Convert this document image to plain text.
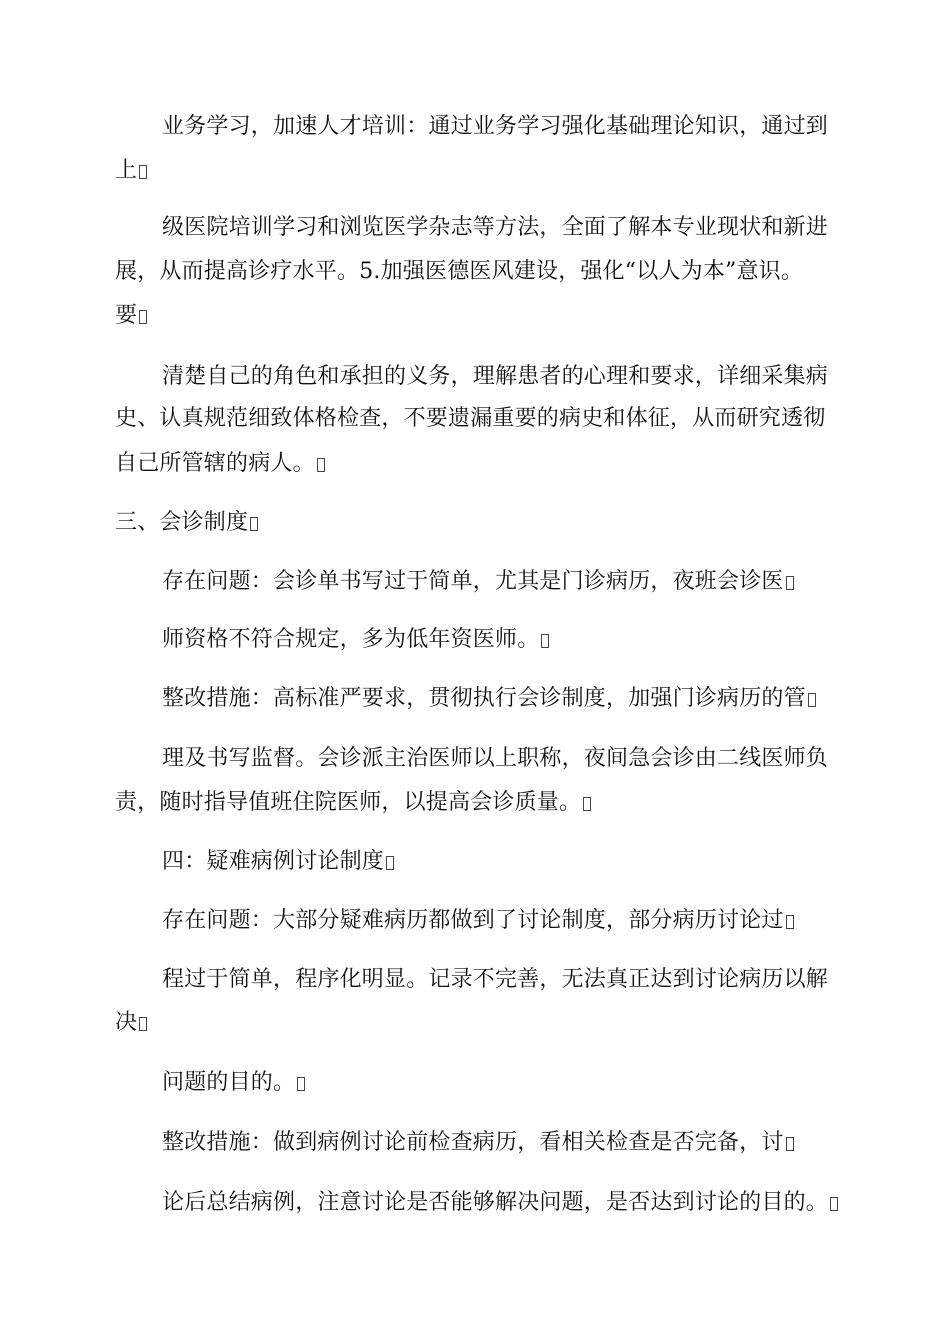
业务学习，加速人才培训：通过业务学习强化基础理论知识，通过到
上
级医院培训学习和浏览医学杂志等方法，全面了解本专业现状和新进
展，从而提高诊疗水平。5.加强医德医风建设，强化“以人为本”意识。
要
清楚自己的角色和承担的义务，理解患者的心理和要求，详细采集病
史、认真规范细致体格检查，不要遗漏重要的病史和体征，从而研究透彻
自己所管辖的病人。
三、会诊制度
存在问题：会诊单书写过于简单，尤其是门诊病历，夜班会诊医
师资格不符合规定，多为低年资医师。
整改措施：高标准严要求，贯彻执行会诊制度，加强门诊病历的管
理及书写监督。会诊派主治医师以上职称，夜间急会诊由二线医师负
责，随时指导值班住院医师，以提高会诊质量。
四：疑难病例讨论制度
存在问题：大部分疑难病历都做到了讨论制度，部分病历讨论过
程过于简单，程序化明显。记录不完善，无法真正达到讨论病历以解
决
问题的目的。
整改措施：做到病例讨论前检查病历，看相关检查是否完备，讨
论后总结病例，注意讨论是否能够解决问题，是否达到讨论的目的。
